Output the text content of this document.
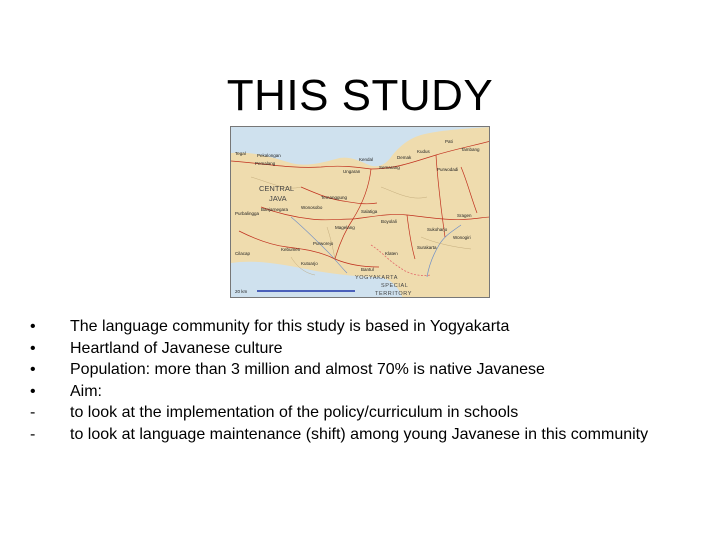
THIS STUDY
Pati
Tambang
Pekalongan
Kendal
Pemalang
Tegal
Semarang
Demak
Kudus
Ungaran	Purwodadi
Temanggung
Wonosobo
Banjarnegara
Purbalingga	Salatiga
Boyolali
Magelang
Surakarta
Klaten
Purworejo
Kebumen
Cilacap
Wonogiri
Sragen
Kutoarjo
Bantul
Sukoharjo
CENTRAL
JAVA
YOGYAKARTA
SPECIAL
TERRITORY
20 km
•	The language community for this study is based in Yogyakarta
•	Heartland of Javanese culture
•	Population: more than 3 million and almost 70% is native Javanese
•	Aim:
-	to look at the implementation of the policy/curriculum in schools
-	to look at language maintenance (shift) among young Javanese in this community
